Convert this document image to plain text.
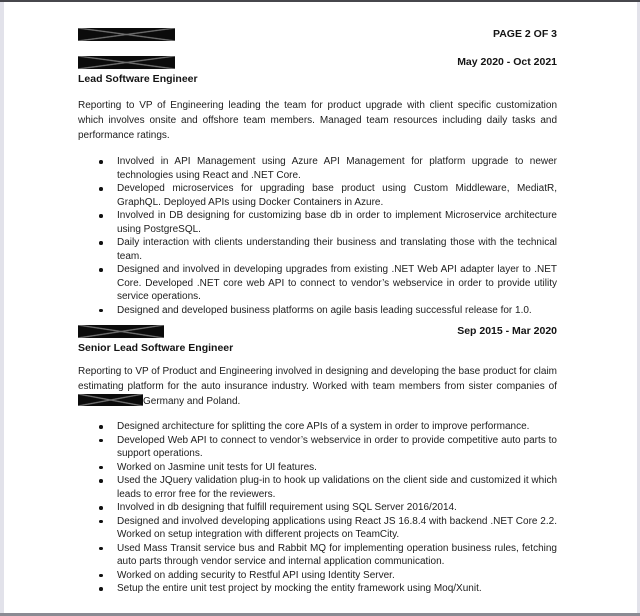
PAGE 2 OF 3
May 2020 - Oct 2021
Lead Software Engineer

Reporting to VP of Engineering leading the team for product upgrade with client specific customization which involves onsite and offshore team members. Managed team resources including daily tasks and performance ratings.

Involved in API Management using Azure API Management for platform upgrade to newer technologies using React and .NET Core.
Developed microservices for upgrading base product using Custom Middleware, MediatR, GraphQL. Deployed APIs using Docker Containers in Azure.
Involved in DB designing for customizing base db in order to implement Microservice architecture using PostgreSQL.
Daily interaction with clients understanding their business and translating those with the technical team.
Designed and involved in developing upgrades from existing .NET Web API adapter layer to .NET Core. Developed .NET core web API to connect to vendor’s webservice in order to provide utility service operations.
Designed and developed business platforms on agile basis leading successful release for 1.0.
Sep 2015 - Mar 2020
Senior Lead Software Engineer

Reporting to VP of Product and Engineering involved in designing and developing the base product for claim estimating platform for the auto insurance industry. Worked with team members from sister companies of Germany and Poland.

Designed architecture for splitting the core APIs of a system in order to improve performance.
Developed Web API to connect to vendor’s webservice in order to provide competitive auto parts to support operations.
Worked on Jasmine unit tests for UI features.
Used the JQuery validation plug-in to hook up validations on the client side and customized it which leads to error free for the reviewers.
Involved in db designing that fulfill requirement using SQL Server 2016/2014.
Designed and involved developing applications using React JS 16.8.4 with backend .NET Core 2.2. Worked on setup integration with different projects on TeamCity.
Used Mass Transit service bus and Rabbit MQ for implementing operation business rules, fetching auto parts through vendor service and internal application communication.
Worked on adding security to Restful API using Identity Server.
Setup the entire unit test project by mocking the entity framework using Moq/Xunit.
